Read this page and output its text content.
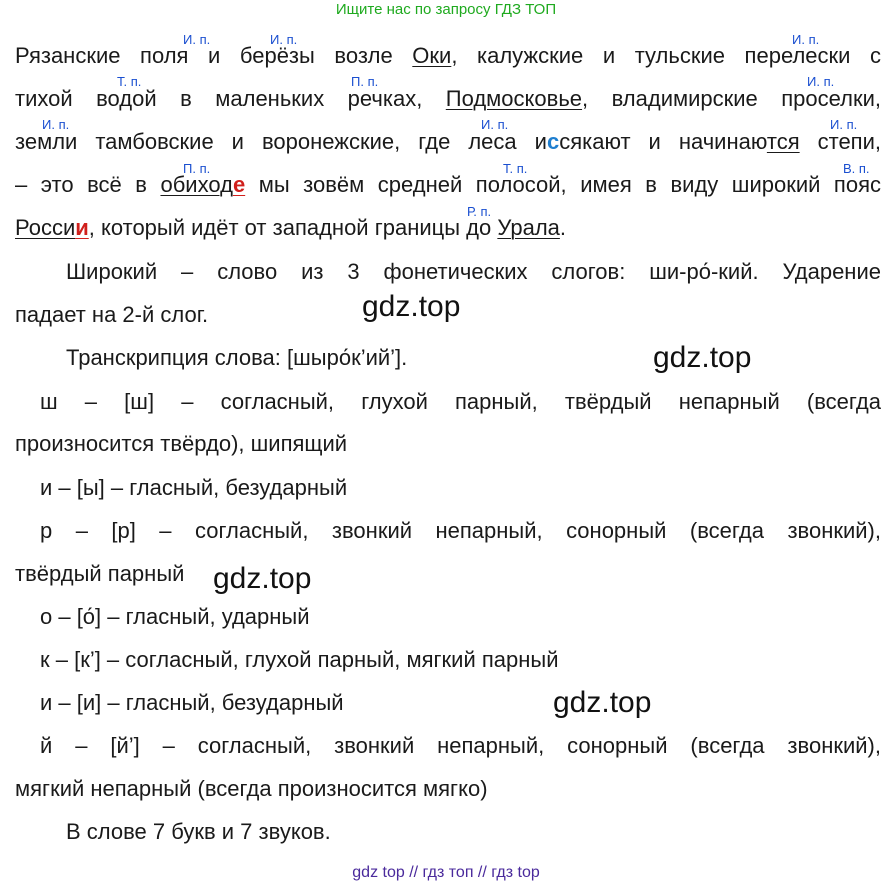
Ищите нас по запросу ГДЗ ТОП
И. п.	И. п.	И. п.
Т. п.	П. п.	И. п.
И. п.	И. п.	И. п.
П. п.	Т. п.	В. п.
Р. п.
Рязанские поля и берёзы возле Оки, калужские и тульские перелески с
тихой водой в маленьких речках, Подмосковье, владимирские проселки,
земли тамбовские и воронежские, где леса иссякают и начинаются степи,
– это всё в обиходе мы зовём средней полосой, имея в виду широкий пояс
России, который идёт от западной границы до Урала.
Широкий – слово из 3 фонетических слогов: ши-ро́-кий. Ударение
падает на 2-й слог.
Транскрипция слова: [шыро́к’ий’].
ш – [ш] – согласный, глухой парный, твёрдый непарный (всегда
произносится твёрдо), шипящий
и – [ы] – гласный, безударный
р – [р] – согласный, звонкий непарный, сонорный (всегда звонкий),
твёрдый парный
о – [о́] – гласный, ударный
к – [к’] – согласный, глухой парный, мягкий парный
и – [и] – гласный, безударный
й – [й’] – согласный, звонкий непарный, сонорный (всегда звонкий),
мягкий непарный (всегда произносится мягко)
В слове 7 букв и 7 звуков.
gdz.top
gdz.top
gdz.top
gdz.top
gdz top // гдз топ // гдз top
